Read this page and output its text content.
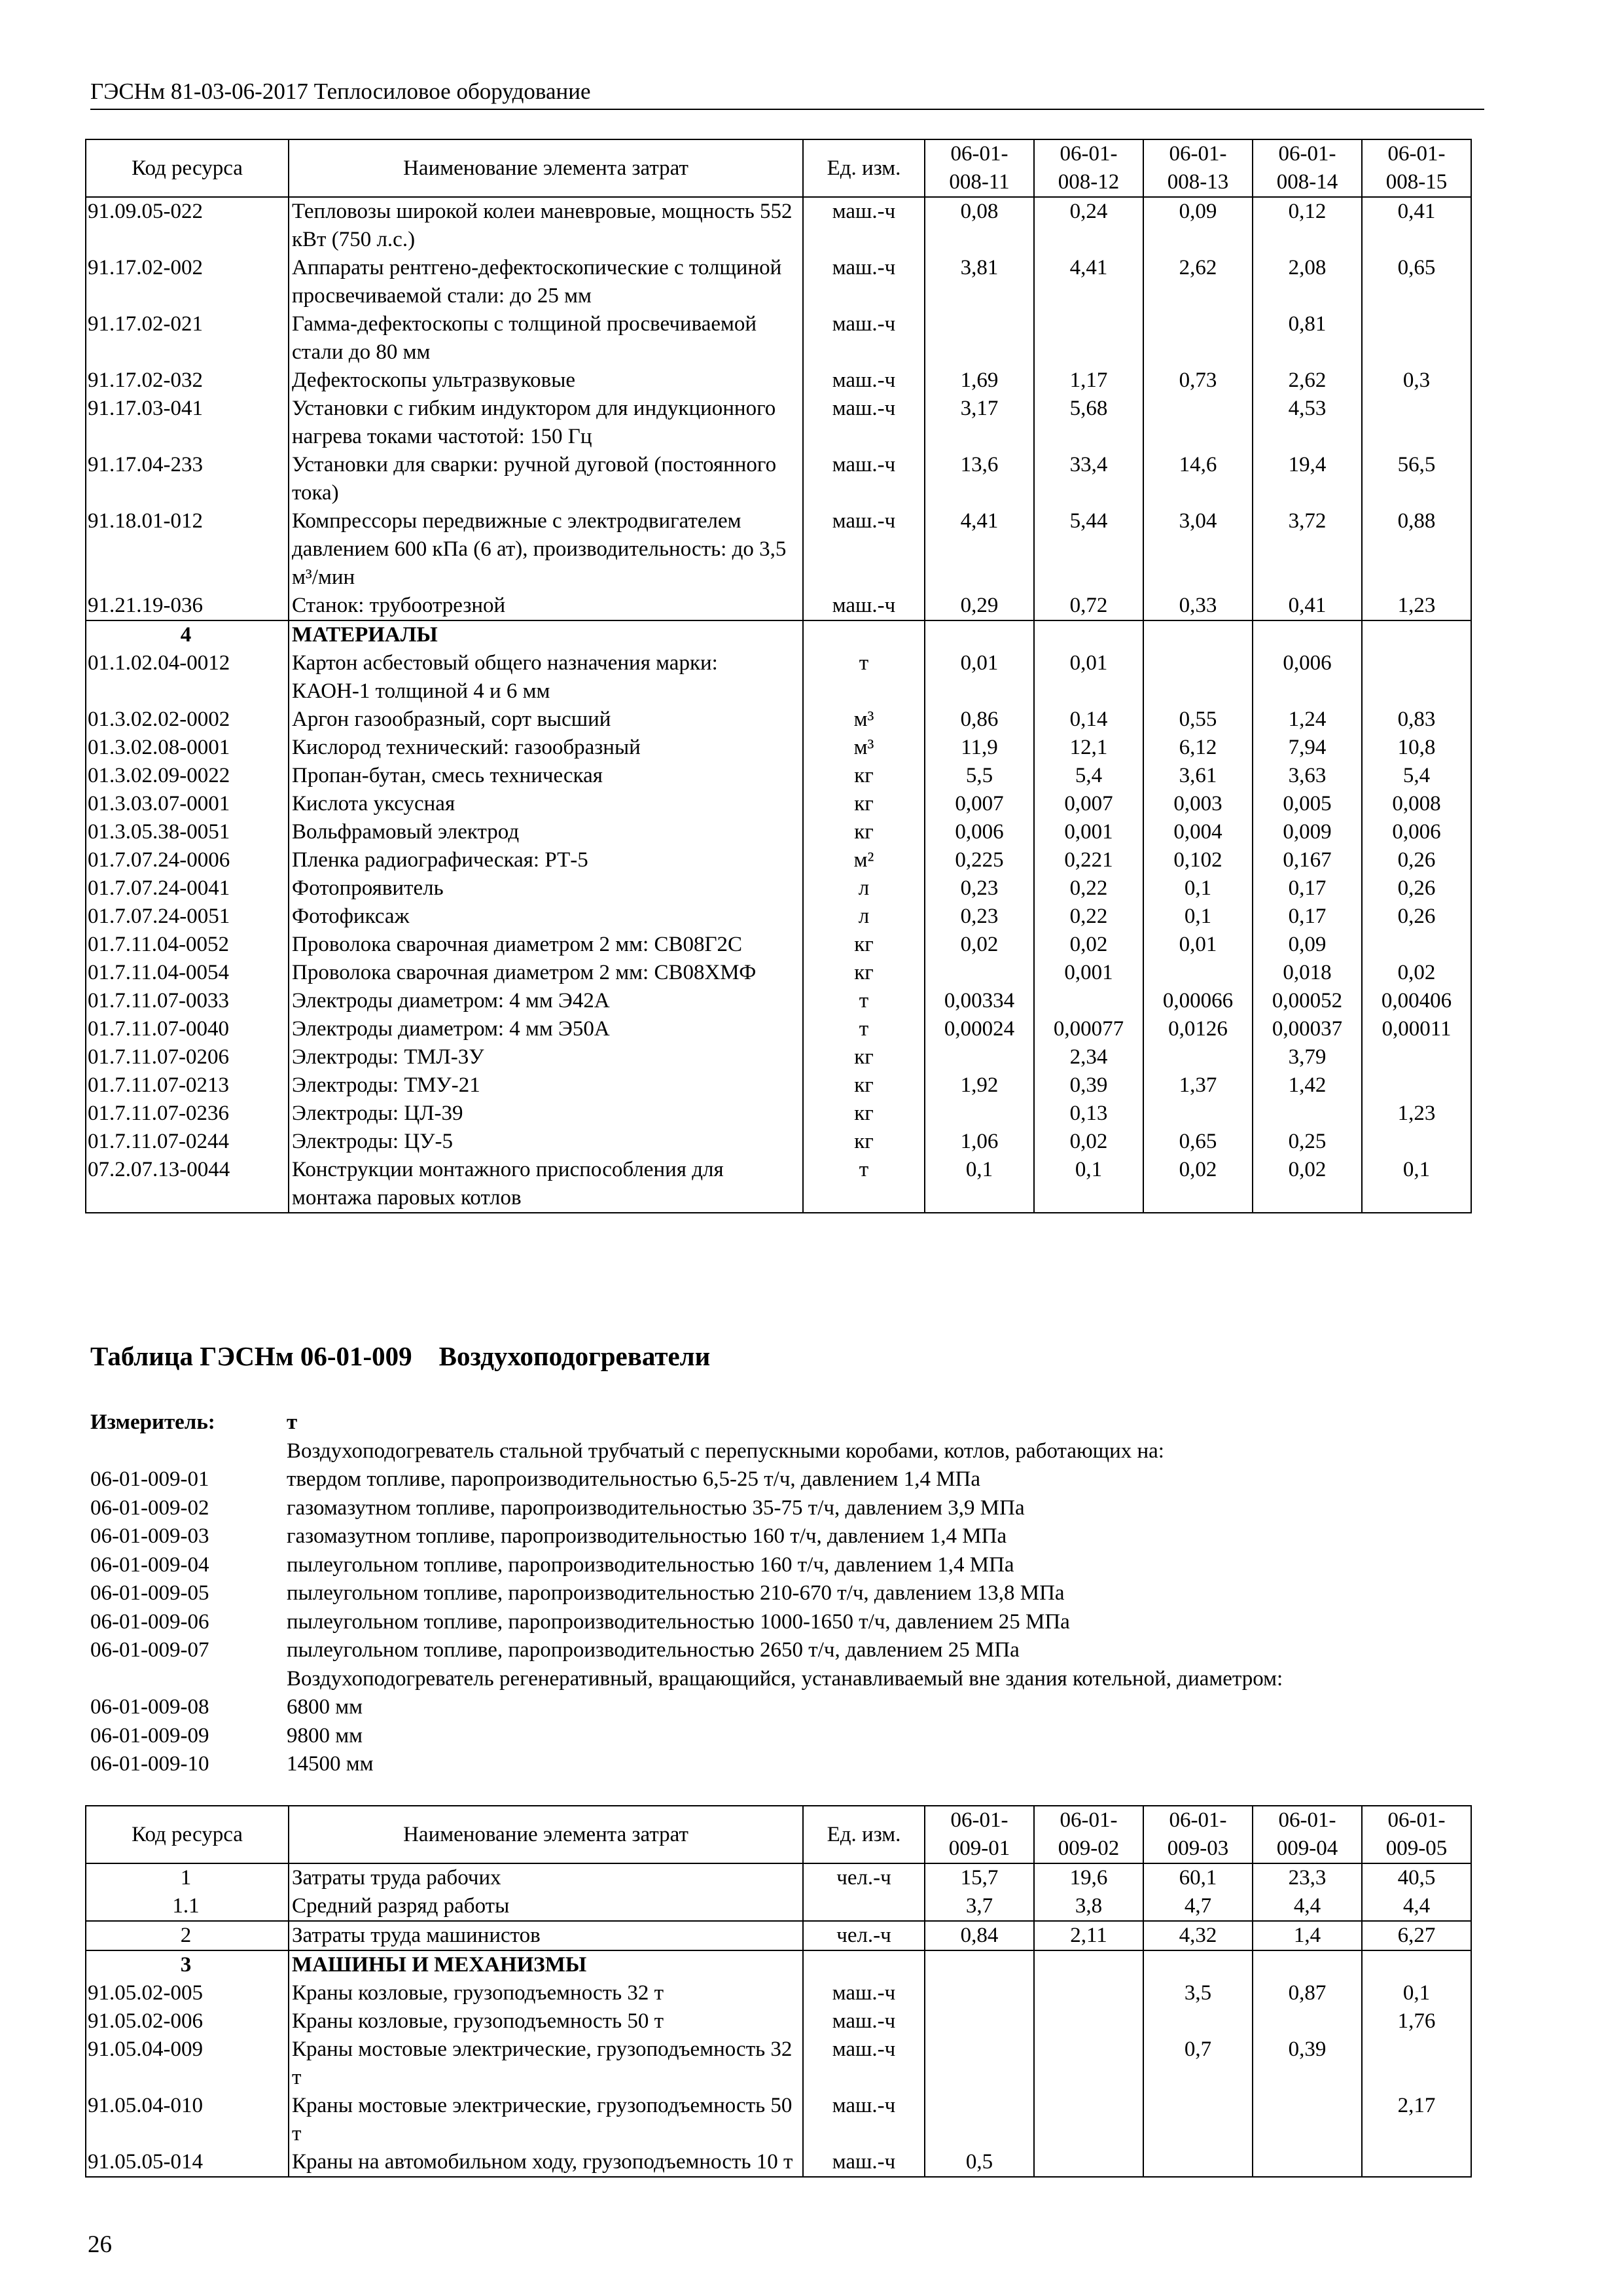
ГЭСНм 81-03-06-2017 Теплосиловое оборудование
Код ресурса	Наименование элемента затрат	Ед. изм.	06-01-
008-11	06-01-
008-12	06-01-
008-13	06-01-
008-14	06-01-
008-15
91.09.05-022	Тепловозы широкой колеи маневровые, мощность 552 кВт (750 л.с.)	маш.-ч	0,08	0,24	0,09	0,12	0,41
91.17.02-002	Аппараты рентгено-дефектоскопические с толщиной просвечиваемой стали: до 25 мм	маш.-ч	3,81	4,41	2,62	2,08	0,65
91.17.02-021	Гамма-дефектоскопы с толщиной просвечиваемой стали до 80 мм	маш.-ч				0,81	
91.17.02-032	Дефектоскопы ультразвуковые	маш.-ч	1,69	1,17	0,73	2,62	0,3
91.17.03-041	Установки с гибким индуктором для индукционного нагрева токами частотой: 150 Гц	маш.-ч	3,17	5,68		4,53	
91.17.04-233	Установки для сварки: ручной дуговой (постоянного тока)	маш.-ч	13,6	33,4	14,6	19,4	56,5
91.18.01-012	Компрессоры передвижные с электродвигателем давлением 600 кПа (6 ат), производительность: до 3,5 м³/мин	маш.-ч	4,41	5,44	3,04	3,72	0,88
91.21.19-036	Станок: трубоотрезной	маш.-ч	0,29	0,72	0,33	0,41	1,23
4	МАТЕРИАЛЫ						
01.1.02.04-0012	Картон асбестовый общего назначения марки: КАОН-1 толщиной 4 и 6 мм	т	0,01	0,01		0,006	
01.3.02.02-0002	Аргон газообразный, сорт высший	м³	0,86	0,14	0,55	1,24	0,83
01.3.02.08-0001	Кислород технический: газообразный	м³	11,9	12,1	6,12	7,94	10,8
01.3.02.09-0022	Пропан-бутан, смесь техническая	кг	5,5	5,4	3,61	3,63	5,4
01.3.03.07-0001	Кислота уксусная	кг	0,007	0,007	0,003	0,005	0,008
01.3.05.38-0051	Вольфрамовый электрод	кг	0,006	0,001	0,004	0,009	0,006
01.7.07.24-0006	Пленка радиографическая: РТ-5	м²	0,225	0,221	0,102	0,167	0,26
01.7.07.24-0041	Фотопроявитель	л	0,23	0,22	0,1	0,17	0,26
01.7.07.24-0051	Фотофиксаж	л	0,23	0,22	0,1	0,17	0,26
01.7.11.04-0052	Проволока сварочная диаметром 2 мм: СВ08Г2С	кг	0,02	0,02	0,01	0,09	
01.7.11.04-0054	Проволока сварочная диаметром 2 мм: СВ08ХМФ	кг		0,001		0,018	0,02
01.7.11.07-0033	Электроды диаметром: 4 мм Э42А	т	0,00334		0,00066	0,00052	0,00406
01.7.11.07-0040	Электроды диаметром: 4 мм Э50А	т	0,00024	0,00077	0,0126	0,00037	0,00011
01.7.11.07-0206	Электроды: ТМЛ-3У	кг		2,34		3,79	
01.7.11.07-0213	Электроды: ТМУ-21	кг	1,92	0,39	1,37	1,42	
01.7.11.07-0236	Электроды: ЦЛ-39	кг		0,13			1,23
01.7.11.07-0244	Электроды: ЦУ-5	кг	1,06	0,02	0,65	0,25	
07.2.07.13-0044	Конструкции монтажного приспособления для монтажа паровых котлов	т	0,1	0,1	0,02	0,02	0,1
Таблица ГЭСНм 06-01-009    Воздухоподогреватели
Измеритель:	т
Воздухоподогреватель стальной трубчатый с перепускными коробами, котлов, работающих на:
06-01-009-01	твердом топливе, паропроизводительностью 6,5-25 т/ч, давлением 1,4 МПа
06-01-009-02	газомазутном топливе, паропроизводительностью 35-75 т/ч, давлением 3,9 МПа
06-01-009-03	газомазутном топливе, паропроизводительностью 160 т/ч, давлением 1,4 МПа
06-01-009-04	пылеугольном топливе, паропроизводительностью 160 т/ч, давлением 1,4 МПа
06-01-009-05	пылеугольном топливе, паропроизводительностью 210-670 т/ч, давлением 13,8 МПа
06-01-009-06	пылеугольном топливе, паропроизводительностью 1000-1650 т/ч, давлением 25 МПа
06-01-009-07	пылеугольном топливе, паропроизводительностью 2650 т/ч, давлением 25 МПа
Воздухоподогреватель регенеративный, вращающийся, устанавливаемый вне здания котельной, диаметром:
06-01-009-08	6800 мм
06-01-009-09	9800 мм
06-01-009-10	14500 мм
Код ресурса	Наименование элемента затрат	Ед. изм.	06-01-
009-01	06-01-
009-02	06-01-
009-03	06-01-
009-04	06-01-
009-05
1	Затраты труда рабочих	чел.-ч	15,7	19,6	60,1	23,3	40,5
1.1	Средний разряд работы		3,7	3,8	4,7	4,4	4,4
2	Затраты труда машинистов	чел.-ч	0,84	2,11	4,32	1,4	6,27
3	МАШИНЫ И МЕХАНИЗМЫ						
91.05.02-005	Краны козловые, грузоподъемность 32 т	маш.-ч			3,5	0,87	0,1
91.05.02-006	Краны козловые, грузоподъемность 50 т	маш.-ч					1,76
91.05.04-009	Краны мостовые электрические, грузоподъемность 32 т	маш.-ч			0,7	0,39	
91.05.04-010	Краны мостовые электрические, грузоподъемность 50 т	маш.-ч					2,17
91.05.05-014	Краны на автомобильном ходу, грузоподъемность 10 т	маш.-ч	0,5				
26
